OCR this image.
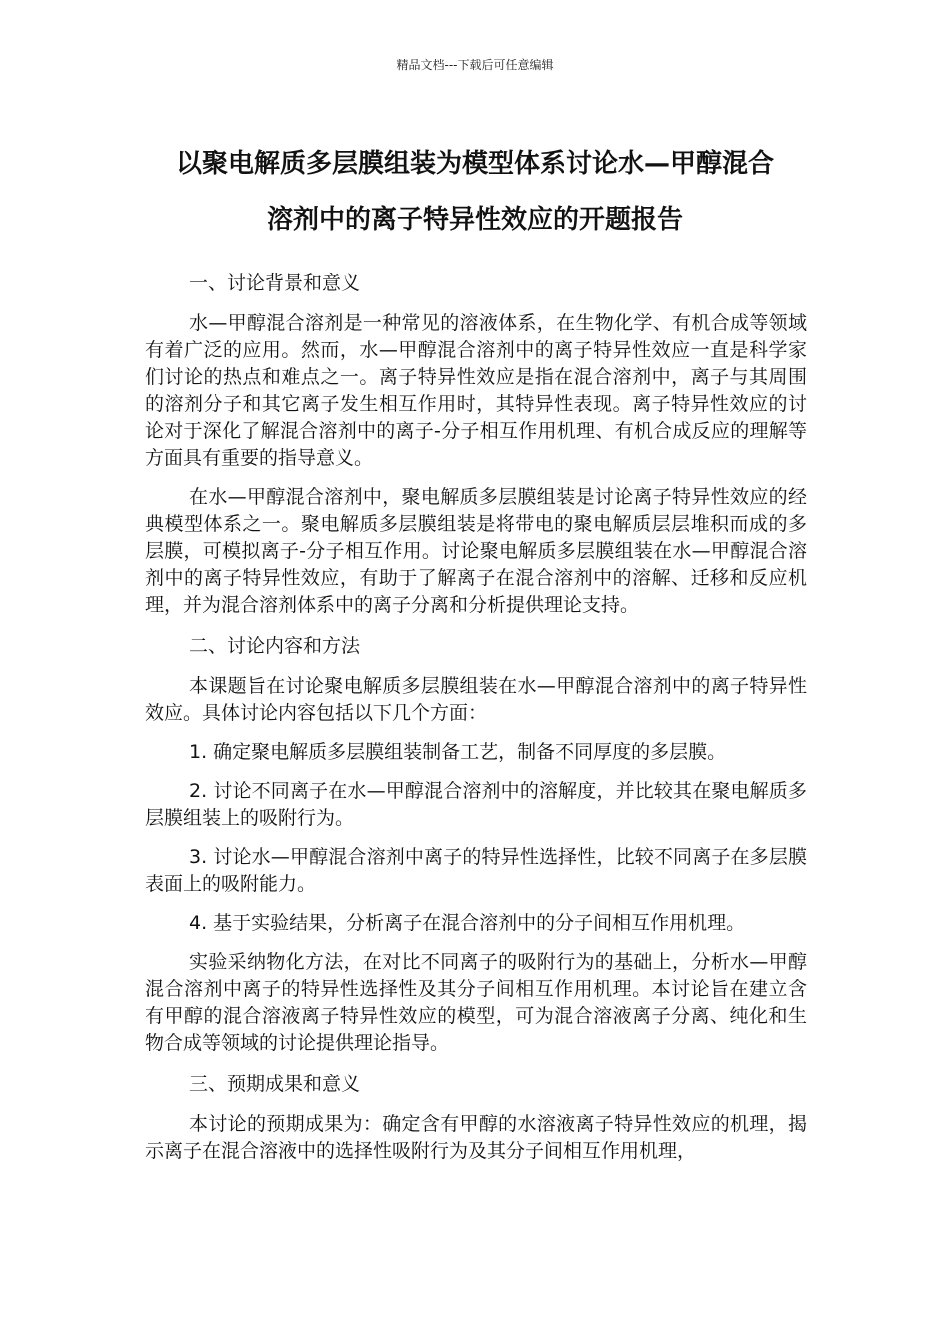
精品文档---下载后可任意编辑
以聚电解质多层膜组装为模型体系讨论水—甲醇混合
溶剂中的离子特异性效应的开题报告

一、讨论背景和意义

水—甲醇混合溶剂是一种常见的溶液体系，在生物化学、有机合成等领域有着广泛的应用。然而，水—甲醇混合溶剂中的离子特异性效应一直是科学家们讨论的热点和难点之一。离子特异性效应是指在混合溶剂中，离子与其周围的溶剂分子和其它离子发生相互作用时，其特异性表现。离子特异性效应的讨论对于深化了解混合溶剂中的离子-分子相互作用机理、有机合成反应的理解等方面具有重要的指导意义。

在水—甲醇混合溶剂中，聚电解质多层膜组装是讨论离子特异性效应的经典模型体系之一。聚电解质多层膜组装是将带电的聚电解质层层堆积而成的多层膜，可模拟离子-分子相互作用。讨论聚电解质多层膜组装在水—甲醇混合溶剂中的离子特异性效应，有助于了解离子在混合溶剂中的溶解、迁移和反应机理，并为混合溶剂体系中的离子分离和分析提供理论支持。

二、讨论内容和方法

本课题旨在讨论聚电解质多层膜组装在水—甲醇混合溶剂中的离子特异性效应。具体讨论内容包括以下几个方面：

1. 确定聚电解质多层膜组装制备工艺，制备不同厚度的多层膜。

2. 讨论不同离子在水—甲醇混合溶剂中的溶解度，并比较其在聚电解质多层膜组装上的吸附行为。

3. 讨论水—甲醇混合溶剂中离子的特异性选择性，比较不同离子在多层膜表面上的吸附能力。

4. 基于实验结果，分析离子在混合溶剂中的分子间相互作用机理。

实验采纳物化方法，在对比不同离子的吸附行为的基础上，分析水—甲醇混合溶剂中离子的特异性选择性及其分子间相互作用机理。本讨论旨在建立含有甲醇的混合溶液离子特异性效应的模型，可为混合溶液离子分离、纯化和生物合成等领域的讨论提供理论指导。

三、预期成果和意义

本讨论的预期成果为：确定含有甲醇的水溶液离子特异性效应的机理，揭示离子在混合溶液中的选择性吸附行为及其分子间相互作用机理，
